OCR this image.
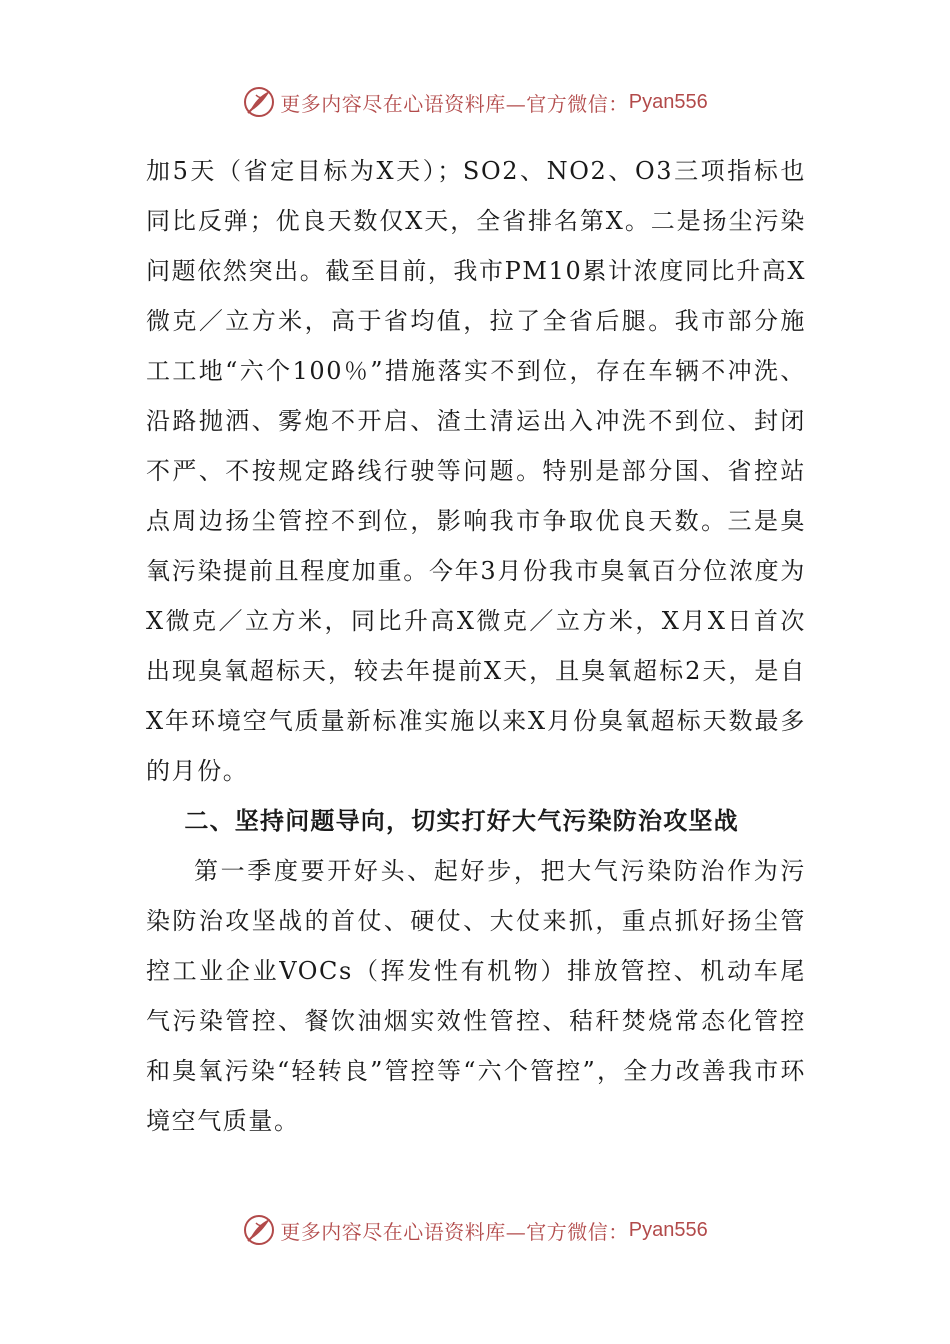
更多内容尽在心语资料库—官方微信： Pyan556

加5天（省定目标为X天）；SO2、NO2、O3三项指标也同比反弹；优良天数仅X天，全省排名第X。二是扬尘污染问题依然突出。截至目前，我市PM10累计浓度同比升高X微克／立方米，高于省均值，拉了全省后腿。我市部分施工工地“六个100％”措施落实不到位，存在车辆不冲洗、沿路抛洒、雾炮不开启、渣土清运出入冲洗不到位、封闭不严、不按规定路线行驶等问题。特别是部分国、省控站点周边扬尘管控不到位，影响我市争取优良天数。三是臭氧污染提前且程度加重。今年3月份我市臭氧百分位浓度为X微克／立方米，同比升高X微克／立方米，X月X日首次出现臭氧超标天，较去年提前X天，且臭氧超标2天，是自X年环境空气质量新标准实施以来X月份臭氧超标天数最多的月份。

二、坚持问题导向，切实打好大气污染防治攻坚战

第一季度要开好头、起好步，把大气污染防治作为污染防治攻坚战的首仗、硬仗、大仗来抓，重点抓好扬尘管控工业企业VOCs（挥发性有机物）排放管控、机动车尾气污染管控、餐饮油烟实效性管控、秸秆焚烧常态化管控和臭氧污染“轻转良”管控等“六个管控”，全力改善我市环境空气质量。

更多内容尽在心语资料库—官方微信： Pyan556
